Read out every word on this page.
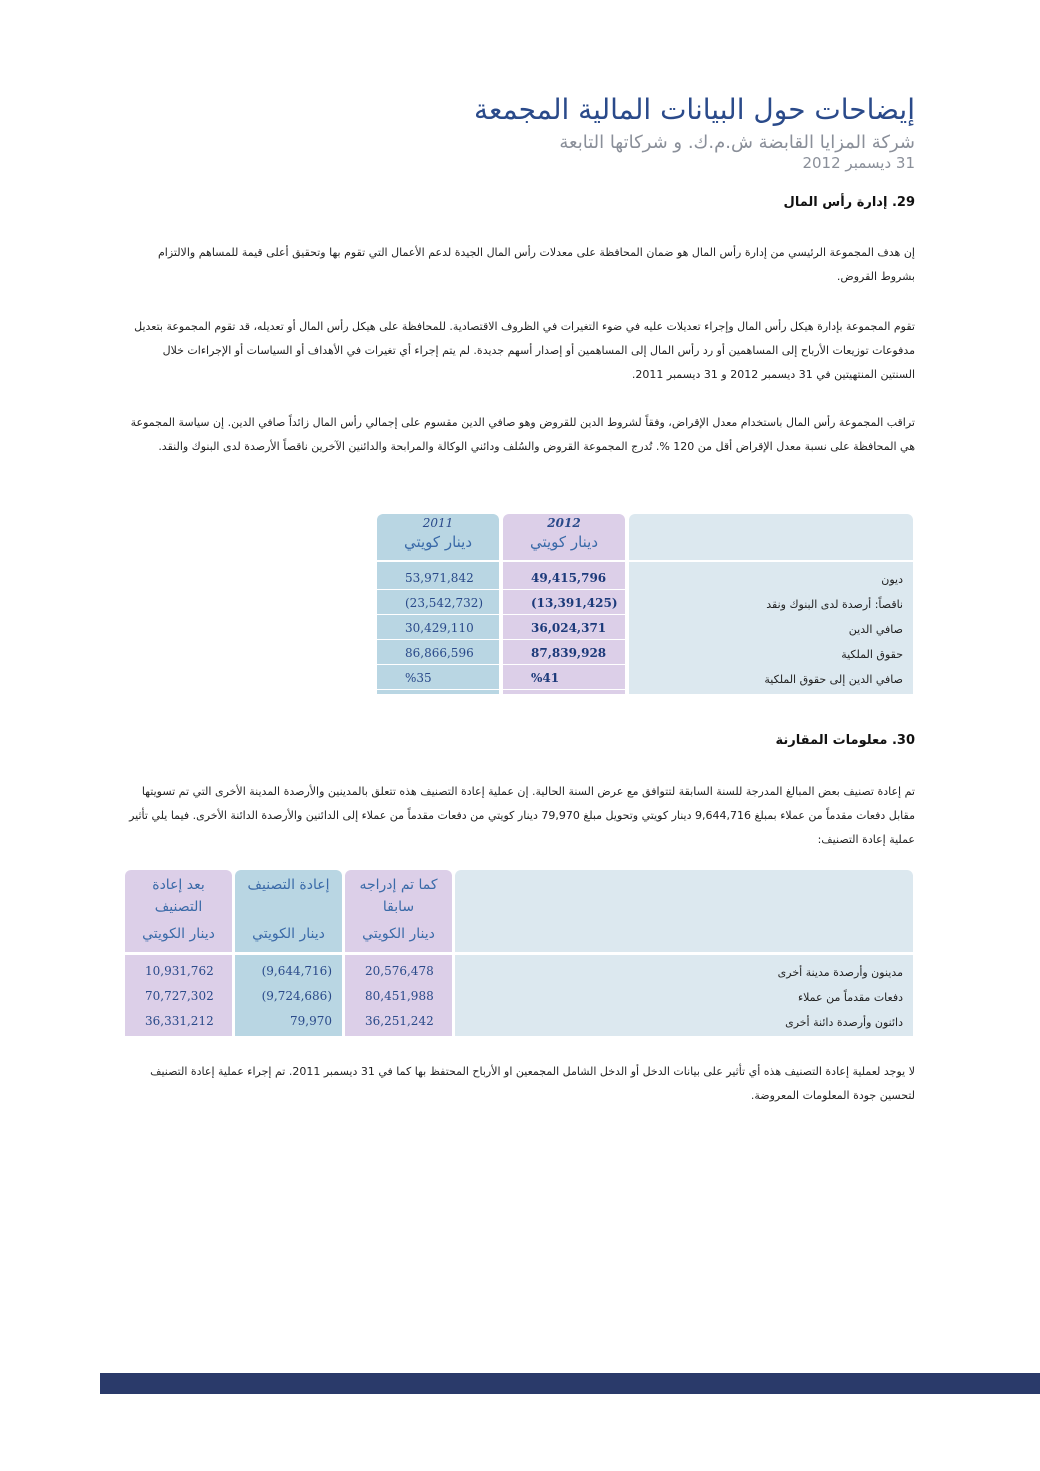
إيضاحات حول البيانات المالية المجمعة
شركة المزايا القابضة ش.م.ك. و شركاتها التابعة
31 ديسمبر 2012
29. إدارة رأس المال
إن هدف المجموعة الرئيسي من إدارة رأس المال هو ضمان المحافظة على معدلات رأس المال الجيدة لدعم الأعمال التي تقوم بها وتحقيق أعلى قيمة للمساهم والالتزام بشروط القروض.
تقوم المجموعة بإدارة هيكل رأس المال وإجراء تعديلات عليه في ضوء التغيرات في الظروف الاقتصادية. للمحافظة على هيكل رأس المال أو تعديله، قد تقوم المجموعة بتعديل مدفوعات توزيعات الأرباح إلى المساهمين أو رد رأس المال إلى المساهمين أو إصدار أسهم جديدة. لم يتم إجراء أي تغيرات في الأهداف أو السياسات أو الإجراءات خلال السنتين المنتهيتين في 31 ديسمبر 2012 و 31 ديسمبر 2011.
تراقب المجموعة رأس المال باستخدام معدل الإقراض، وفقاً لشروط الدين للقروض وهو صافي الدين مقسوم على إجمالي رأس المال زائداً صافي الدين. إن سياسة المجموعة هي المحافظة على نسبة معدل الإقراض أقل من 120 %. تُدرج المجموعة القروض والسُلف ودائني الوكالة والمرابحة والدائنين الآخرين ناقصاً الأرصدة لدى البنوك والنقد.
2011
دينار كويتي
53,971,842
(23,542,732)
30,429,110
86,866,596
%35
2012
دينار كويتي
49,415,796
(13,391,425)
36,024,371
87,839,928
%41
ديون
ناقصاً: أرصدة لدى البنوك ونقد
صافي الدين
حقوق الملكية
صافي الدين إلى حقوق الملكية
30. معلومات المقارنة
تم إعادة تصنيف بعض المبالغ المدرجة للسنة السابقة لتتوافق مع عرض السنة الحالية. إن عملية إعادة التصنيف هذه تتعلق بالمدينين والأرصدة المدينة الأخرى التي تم تسويتها مقابل دفعات مقدماً من عملاء بمبلغ 9,644,716 دينار كويتي وتحويل مبلغ 79,970 دينار كويتي من دفعات مقدماً من عملاء إلى الدائنين والأرصدة الدائنة الأخرى. فيما يلي تأثير عملية إعادة التصنيف:
بعد إعادة التصنيف
دينار الكويتي
10,931,762
70,727,302
36,331,212
إعادة التصنيف
دينار الكويتي
(9,644,716)
(9,724,686)
79,970
كما تم إدراجه سابقا
دينار الكويتي
20,576,478
80,451,988
36,251,242
مدينون وأرصدة مدينة أخرى
دفعات مقدماً من عملاء
دائنون وأرصدة دائنة أخرى
لا يوجد لعملية إعادة التصنيف هذه أي تأثير على بيانات الدخل أو الدخل الشامل المجمعين او الأرباح المحتفظ بها كما في 31 ديسمبر 2011. تم إجراء عملية إعادة التصنيف لتحسين جودة المعلومات المعروضة.
